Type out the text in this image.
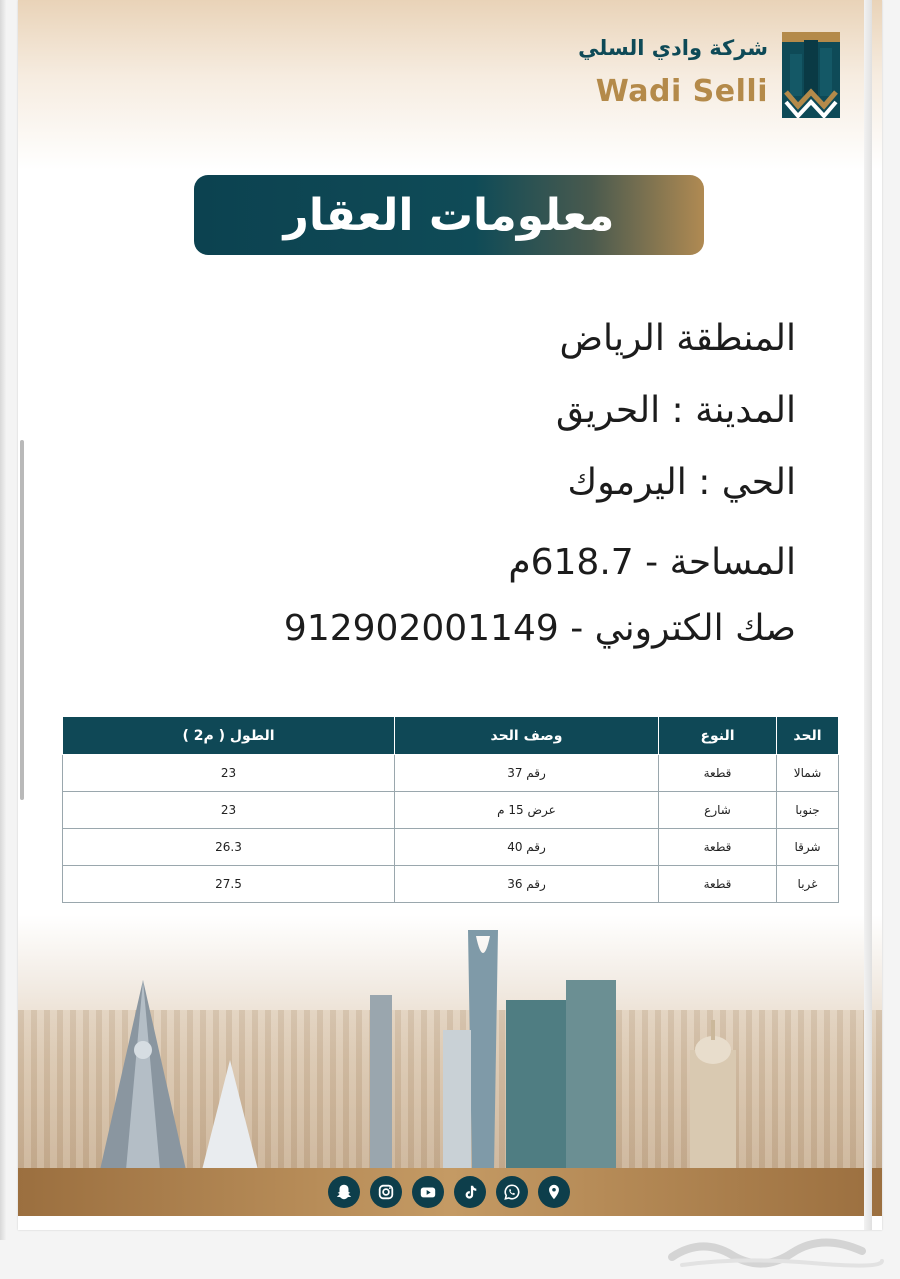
شركة وادي السلي
Wadi Selli
معلومات العقار
المنطقة الرياض
المدينة : الحريق
الحي : اليرموك
المساحة - 618.7م
صك الكتروني - 912902001149
الحد	النوع	وصف الحد	الطول ( م2 )
شمالا	قطعة	رقم 37	23
جنوبا	شارع	عرض 15 م	23
شرقا	قطعة	رقم 40	26.3
غربا	قطعة	رقم 36	27.5
